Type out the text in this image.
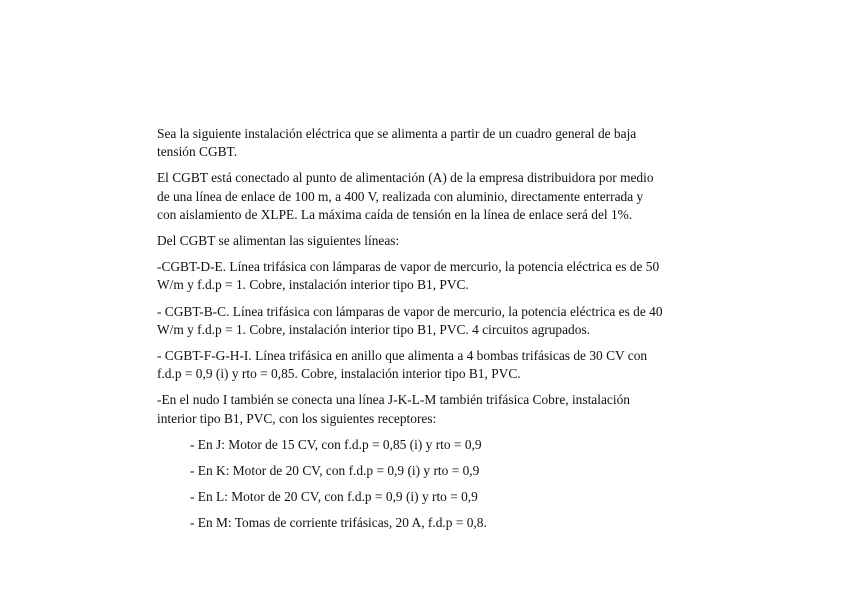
Sea la siguiente instalación eléctrica que se alimenta a partir de un cuadro general de baja
tensión CGBT.
El CGBT está conectado al punto de alimentación (A) de la empresa distribuidora por medio
de una línea de enlace de 100 m, a 400 V, realizada con aluminio, directamente enterrada y
con aislamiento de XLPE. La máxima caída de tensión en la línea de enlace será del 1%.
Del CGBT se alimentan las siguientes líneas:
-CGBT-D-E. Línea trifásica con lámparas de vapor de mercurio, la potencia eléctrica es de 50
W/m y f.d.p = 1. Cobre, instalación interior tipo B1, PVC.
- CGBT-B-C. Línea trifásica con lámparas de vapor de mercurio, la potencia eléctrica es de 40
W/m y f.d.p = 1. Cobre, instalación interior tipo B1, PVC. 4 circuitos agrupados.
- CGBT-F-G-H-I. Línea trifásica en anillo que alimenta a 4 bombas trifásicas de 30 CV con
f.d.p = 0,9 (i) y rto = 0,85. Cobre, instalación interior tipo B1, PVC.
-En el nudo I también se conecta una línea J-K-L-M también trifásica Cobre, instalación
interior tipo B1, PVC, con los siguientes receptores:
- En J: Motor de 15 CV, con f.d.p = 0,85 (i) y rto = 0,9
- En K: Motor de 20 CV, con f.d.p = 0,9 (i) y rto = 0,9
- En L: Motor de 20 CV, con f.d.p = 0,9 (i) y rto = 0,9
- En M: Tomas de corriente trifásicas, 20 A, f.d.p = 0,8.
